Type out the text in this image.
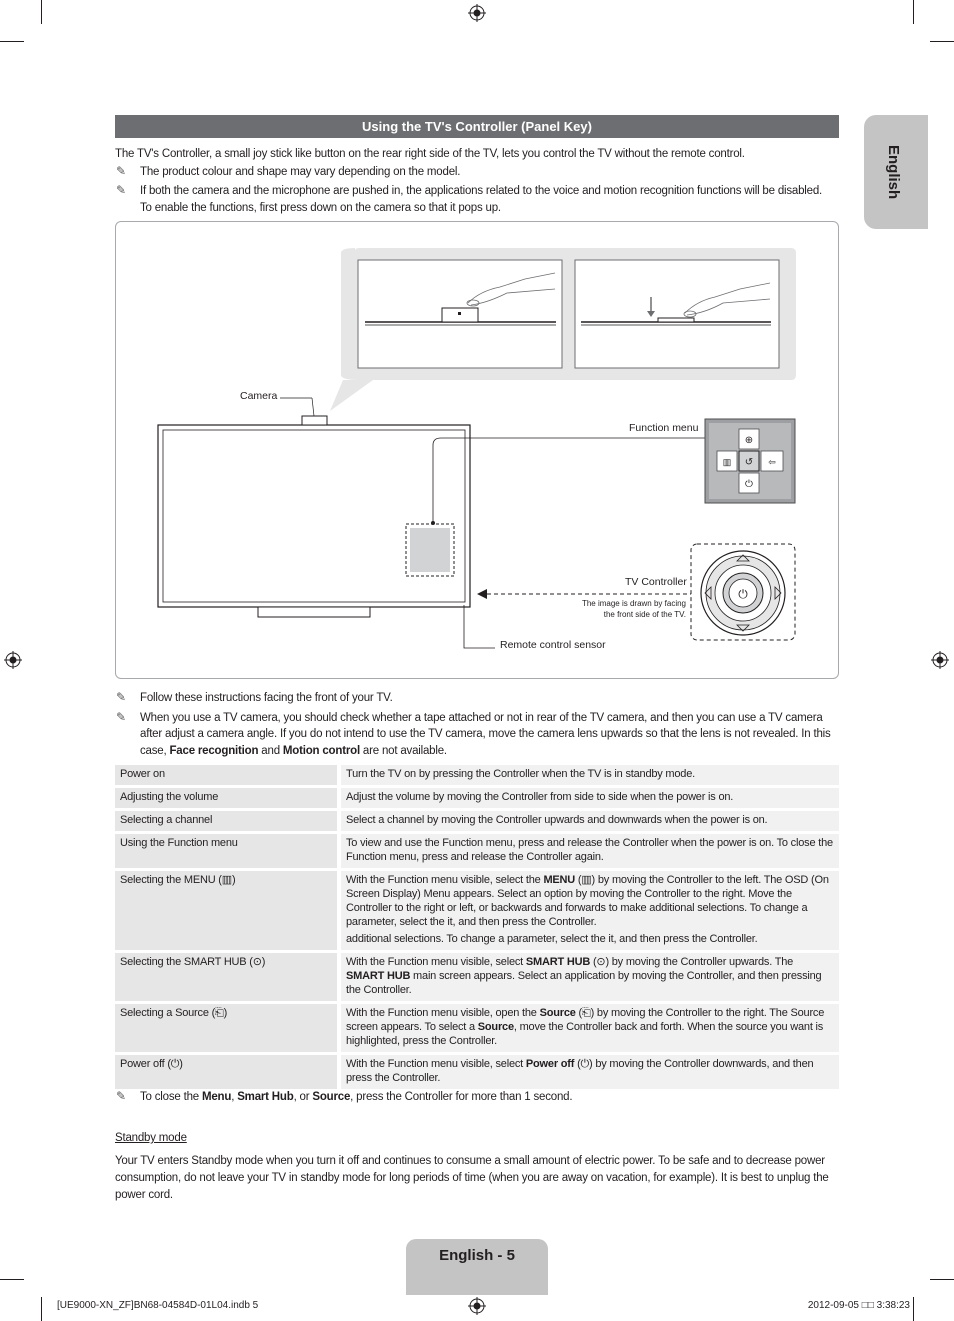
English
Using the TV's Controller (Panel Key)
The TV's Controller, a small joy stick like button on the rear right side of the TV, lets you control the TV without the remote control.
✎ The product colour and shape may vary depending on the model.
✎ If both the camera and the microphone are pushed in, the applications related to the voice and motion recognition functions will be disabled.
To enable the functions, first press down on the camera so that it pops up.
⊕
▥ ↺ ⇦
⏻
⏻
Camera
Function menu
TV Controller
The image is drawn by facing
the front side of the TV.
Remote control sensor
✎ Follow these instructions facing the front of your TV.
✎ When you use a TV camera, you should check whether a tape attached or not in rear of the TV camera, and then you can use a TV camera
after adjust a camera angle. If you do not intend to use the TV camera, move the camera lens upwards so that the lens is not revealed. In this
case, Face recognition and Motion control are not available.
Power on		Turn the TV on by pressing the Controller when the TV is in standby mode.
Adjusting the volume		Adjust the volume by moving the Controller from side to side when the power is on.
Selecting a channel		Select a channel by moving the Controller upwards and downwards when the power is on.
Using the Function menu		To view and use the Function menu, press and release the Controller when the power is on. To close the Function menu, press and release the Controller again.
Selecting the MENU (▥)		With the Function menu visible, select the MENU (▥) by moving the Controller to the left. The OSD (On Screen Display) Menu appears. Select an option by moving the Controller to the right. Move the Controller to the right or left, or backwards and forwards to make additional selections. To change a parameter, select the it, and then press the Controller.
additional selections. To change a parameter, select the it, and then press the Controller.

Selecting the SMART HUB (⊙)		With the Function menu visible, select SMART HUB (⊙) by moving the Controller upwards. The SMART HUB main screen appears. Select an application by moving the Controller, and then pressing the Controller.
Selecting a Source (⎗)		With the Function menu visible, open the Source (⎗) by moving the Controller to the right. The Source screen appears. To select a Source, move the Controller back and forth. When the source you want is highlighted, press the Controller.
Power off (⏻)		With the Function menu visible, select Power off (⏻) by moving the Controller downwards, and then press the Controller.
✎ To close the Menu, Smart Hub, or Source, press the Controller for more than 1 second.
Standby mode
Your TV enters Standby mode when you turn it off and continues to consume a small amount of electric power. To be safe and to decrease power consumption, do not leave your TV in standby mode for long periods of time (when you are away on vacation, for example). It is best to unplug the power cord.
English - 5
[UE9000-XN_ZF]BN68-04584D-01L04.indb 5	2012-09-05 □□ 3:38:23
